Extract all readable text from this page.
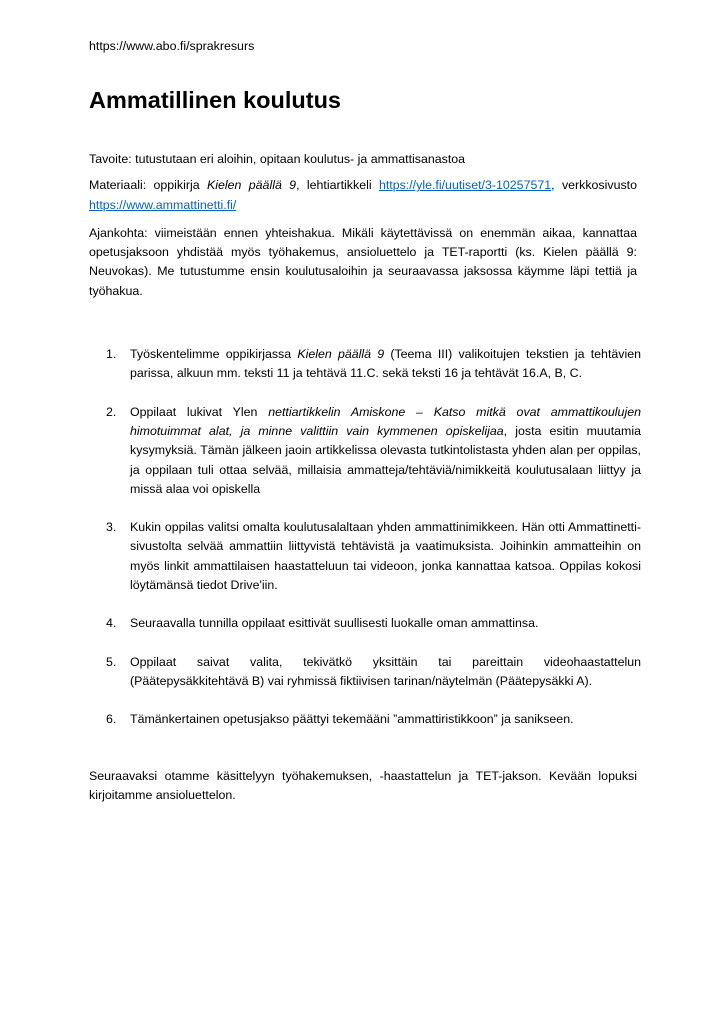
https://www.abo.fi/sprakresurs

Ammatillinen koulutus

Tavoite: tutustutaan eri aloihin, opitaan koulutus- ja ammattisanastoa

Materiaali: oppikirja Kielen päällä 9, lehtiartikkeli https://yle.fi/uutiset/3-10257571, verkkosivusto https://www.ammattinetti.fi/

Ajankohta: viimeistään ennen yhteishakua. Mikäli käytettävissä on enemmän aikaa, kannattaa opetusjaksoon yhdistää myös työhakemus, ansioluettelo ja TET-raportti (ks. Kielen päällä 9: Neuvokas). Me tutustumme ensin koulutusaloihin ja seuraavassa jaksossa käymme läpi tettiä ja työhakua.

1. Työskentelimme oppikirjassa Kielen päällä 9 (Teema III) valikoitujen tekstien ja tehtävien parissa, alkuun mm. teksti 11 ja tehtävä 11.C. sekä teksti 16 ja tehtävät 16.A, B, C.
2. Oppilaat lukivat Ylen nettiartikkelin Amiskone – Katso mitkä ovat ammattikoulujen himotuimmat alat, ja minne valittiin vain kymmenen opiskelijaa, josta esitin muutamia kysymyksiä. Tämän jälkeen jaoin artikkelissa olevasta tutkintolistasta yhden alan per oppilas, ja oppilaan tuli ottaa selvää, millaisia ammatteja/tehtäviä/nimikkeitä koulutusalaan liittyy ja missä alaa voi opiskella
3. Kukin oppilas valitsi omalta koulutusalaltaan yhden ammattinimikkeen. Hän otti Ammattinetti-sivustolta selvää ammattiin liittyvistä tehtävistä ja vaatimuksista. Joihinkin ammatteihin on myös linkit ammattilaisen haastatteluun tai videoon, jonka kannattaa katsoa. Oppilas kokosi löytämänsä tiedot Drive'iin.
4. Seuraavalla tunnilla oppilaat esittivät suullisesti luokalle oman ammattinsa.
5. Oppilaat saivat valita, tekivätkö yksittäin tai pareittain videohaastattelun (Päätepysäkkitehtävä B) vai ryhmissä fiktiivisen tarinan/näytelmän (Päätepysäkki A).
6. Tämänkertainen opetusjakso päättyi tekemääni ”ammattiristikkoon” ja sanikseen.

Seuraavaksi otamme käsittelyyn työhakemuksen, -haastattelun ja TET-jakson. Kevään lopuksi kirjoitamme ansioluettelon.
